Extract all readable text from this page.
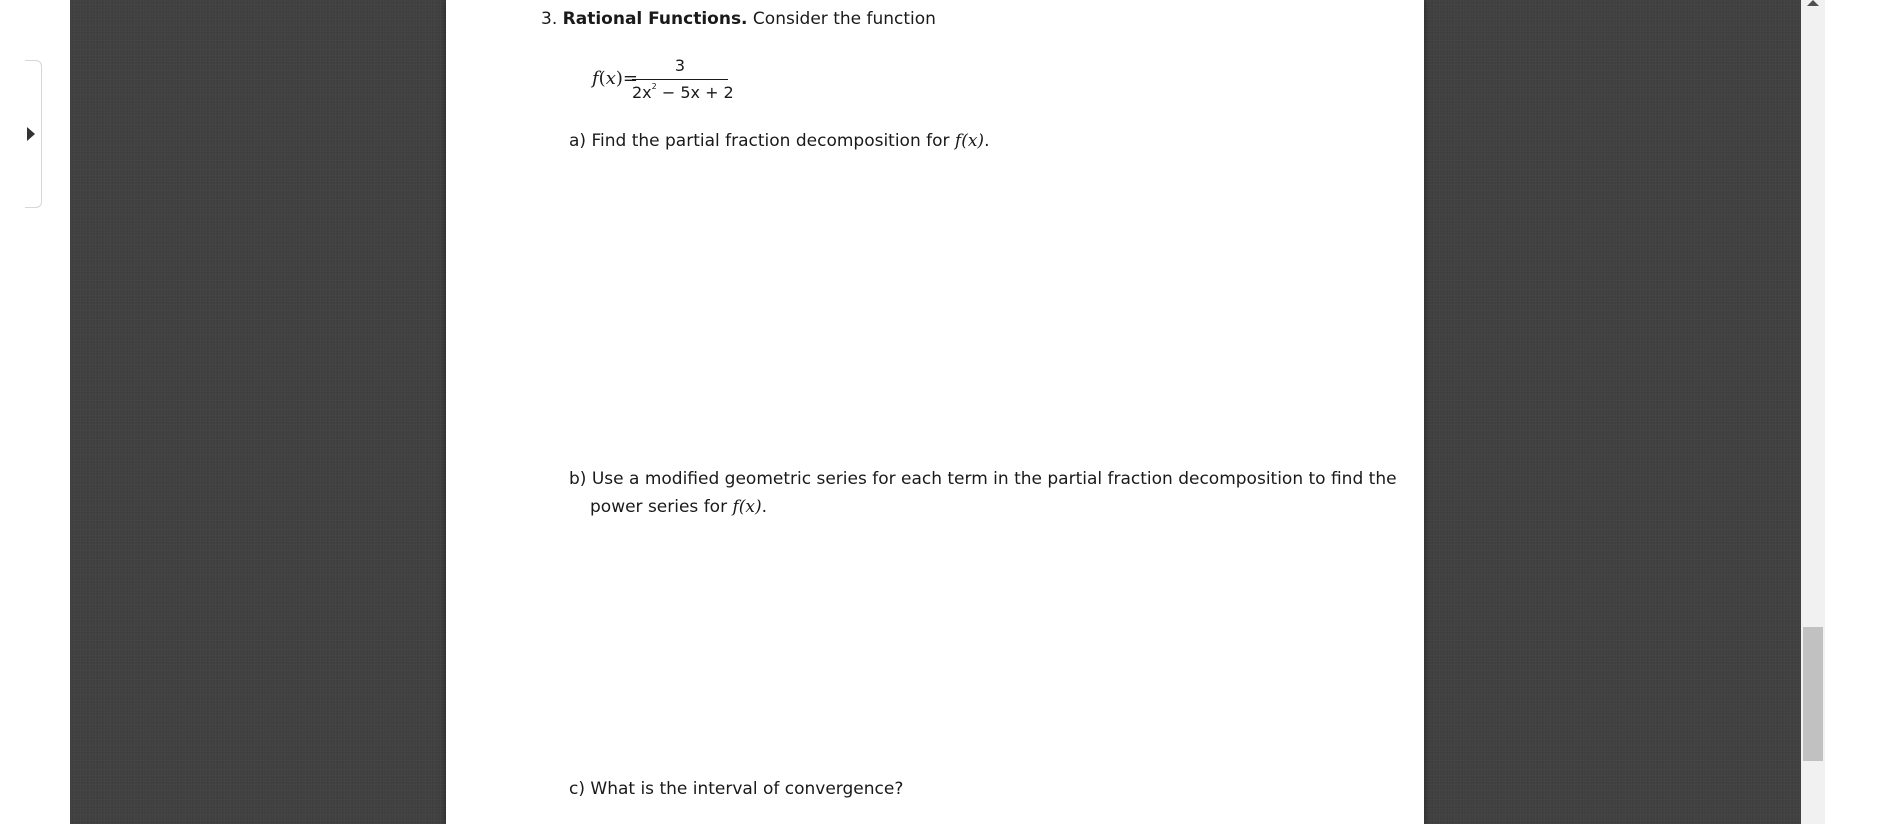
3. Rational Functions. Consider the function
f(x)=
3
$2x^2 - 5x + 2$
a) Find the partial fraction decomposition for f(x).
b) Use a modified geometric series for each term in the partial fraction decomposition to find the
power series for f(x).
c) What is the interval of convergence?
